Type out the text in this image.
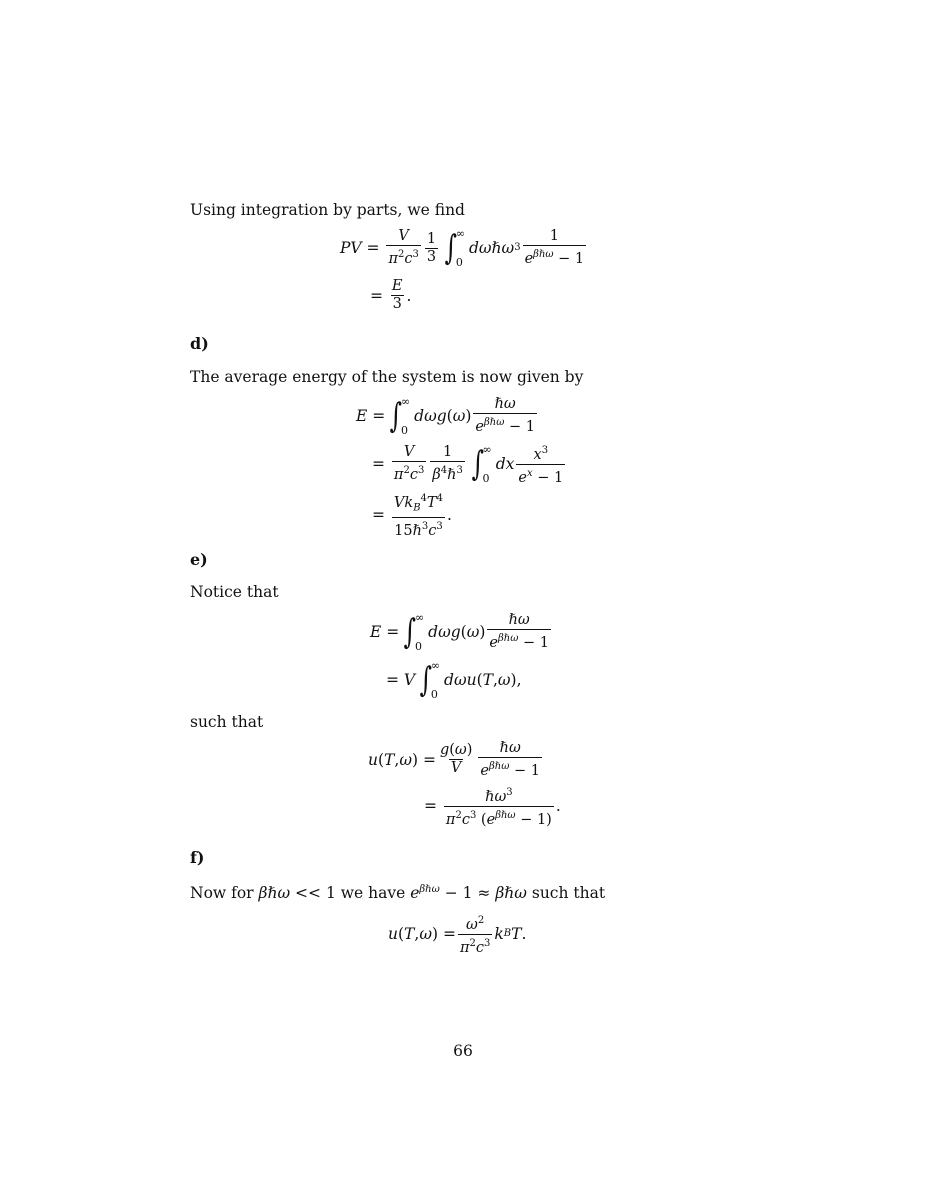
Using integration by parts, we find
PV = $\frac{V}{\pi^2c^3} \frac{1}{3}$ ∫
∞
0
dωℏω $3 \frac{1}{e^{\beta\hbar\omega} - 1}$
= $\frac{E}{3}$ .
d)
The average energy of the system is now given by
E = ∫
∞
0
dωg ( ω ) $\frac{\text{ℏω}}{e^{\beta\hbar\omega} - 1}$
= $\frac{V}{\pi^2c^3} \frac{1}{\beta^4\hbar^3}$ ∫
∞
0
dx $\frac{x^3}{e^x - 1}$
= $\frac{Vk_B^4T^4}{15\hbar^3c^3}$ .
e)
Notice that
E = ∫
∞
0
dωg ( ω ) $\frac{\text{ℏω}}{e^{\beta\hbar\omega} - 1}$
= V ∫
∞
0
dωu ( T , ω ),
such that
u ( T , ω ) = $\frac{g(\omega)}{V} \frac{\text{ℏω}}{e^{\beta\hbar\omega} - 1}$
= $\frac{\hbar\omega^3}{\pi^2c^3 (e^{\beta\hbar\omega} - 1)}$ .
f)
Now for βℏω << 1 we have $e^{\beta\hbar\omega} - 1$ ≈ βℏω such that
u ( T , ω ) = $\frac{\omega^2}{\pi^2c^3}$ k B T .
66
